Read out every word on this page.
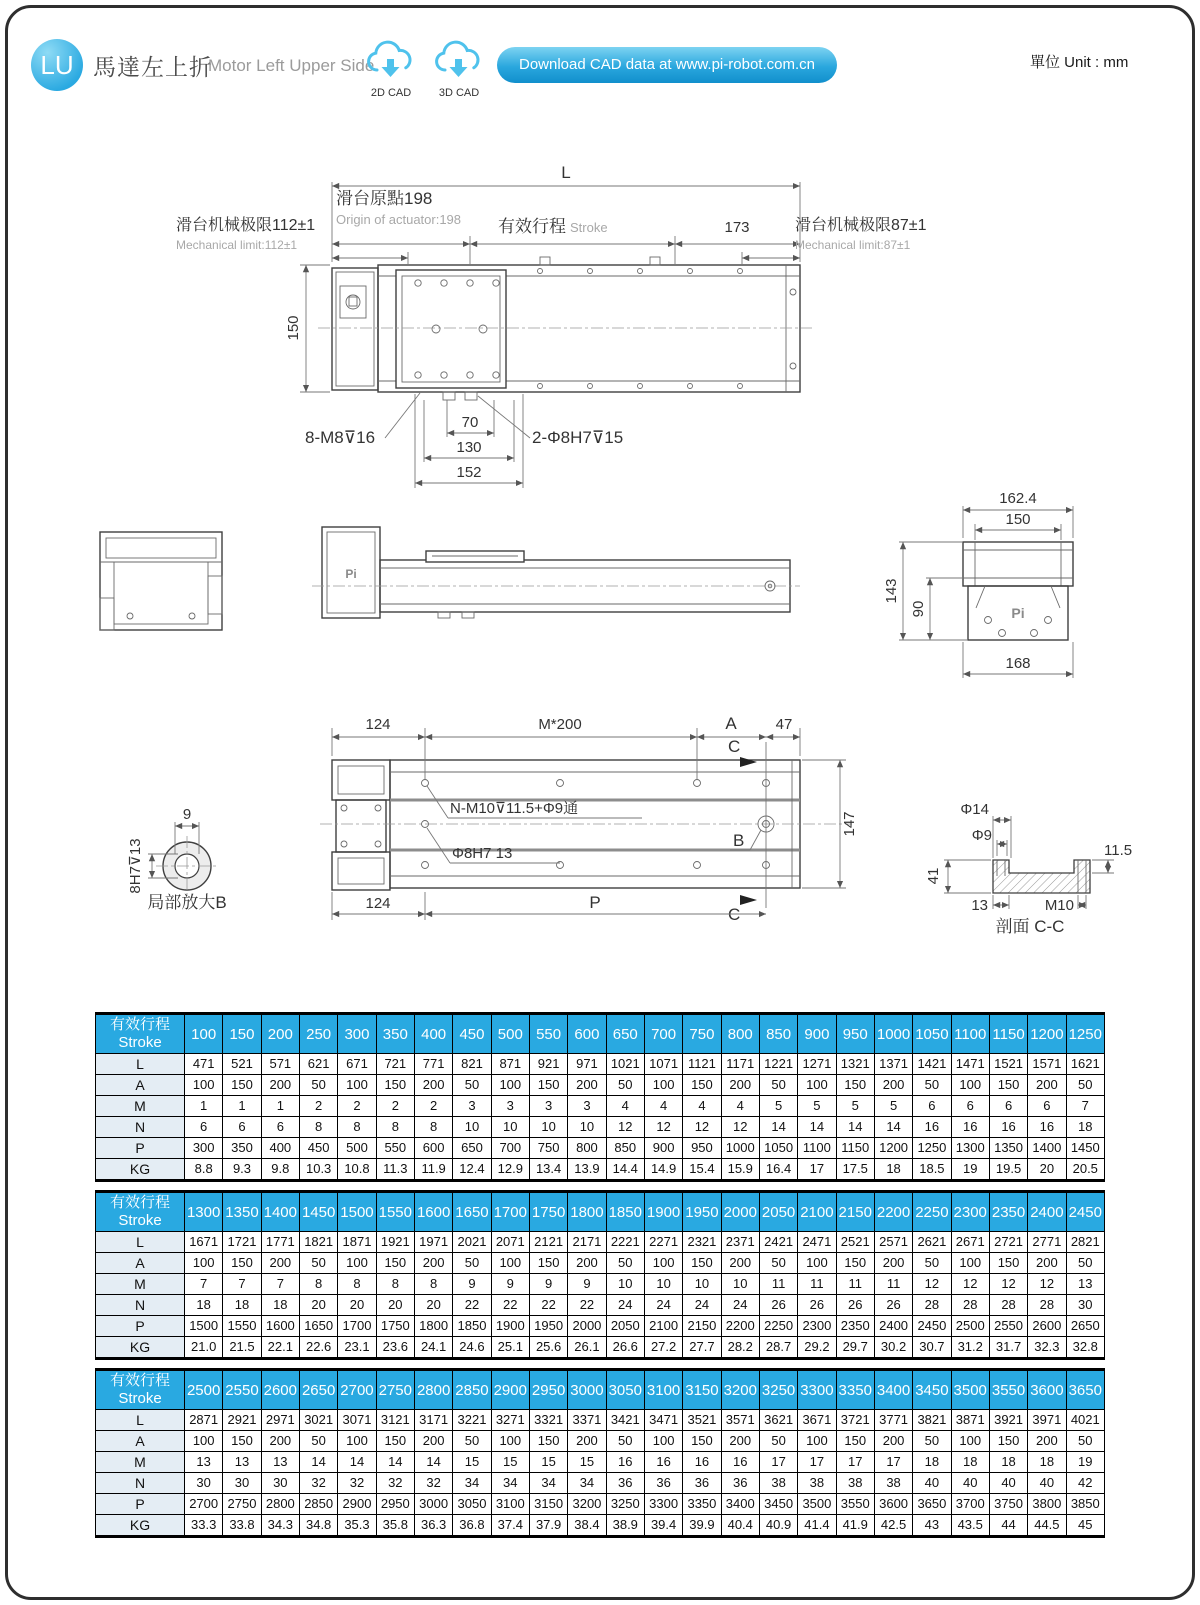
LU 馬達左上折
Motor Left Upper Side
2D CAD	3D CAD
Download CAD data at www.pi-robot.com.cn	單位 Unit : mm
L
滑台原點198
Origin of actuator:198 有效行程 Stroke	173
滑台机械极限112±1
Mechanical limit:112±1
滑台机械极限87±1
Mechanical limit:87±1
150
70
130
152
8-M8⊽16	2-Φ8H7⊽15
Pi
Pi
162.4
150
143
90
168
C
C
124	M*200	A	47
147
124	P
N-M10⊽11.5+Φ9通
Φ8H7 13
B
9
8H7⊽13
局部放大B
Φ14
Φ9
11.5
41
13	M10
剖面 C-C
有效行程
Stroke	100	150	200	250	300	350	400	450	500	550	600	650	700	750	800	850	900	950	1000	1050	1100	1150	1200	1250
L	471	521	571	621	671	721	771	821	871	921	971	1021	1071	1121	1171	1221	1271	1321	1371	1421	1471	1521	1571	1621
A	100	150	200	50	100	150	200	50	100	150	200	50	100	150	200	50	100	150	200	50	100	150	200	50
M	1	1	1	2	2	2	2	3	3	3	3	4	4	4	4	5	5	5	5	6	6	6	6	7
N	6	6	6	8	8	8	8	10	10	10	10	12	12	12	12	14	14	14	14	16	16	16	16	18
P	300	350	400	450	500	550	600	650	700	750	800	850	900	950	1000	1050	1100	1150	1200	1250	1300	1350	1400	1450
KG	8.8	9.3	9.8	10.3	10.8	11.3	11.9	12.4	12.9	13.4	13.9	14.4	14.9	15.4	15.9	16.4	17	17.5	18	18.5	19	19.5	20	20.5
有效行程
Stroke	1300	1350	1400	1450	1500	1550	1600	1650	1700	1750	1800	1850	1900	1950	2000	2050	2100	2150	2200	2250	2300	2350	2400	2450
L	1671	1721	1771	1821	1871	1921	1971	2021	2071	2121	2171	2221	2271	2321	2371	2421	2471	2521	2571	2621	2671	2721	2771	2821
A	100	150	200	50	100	150	200	50	100	150	200	50	100	150	200	50	100	150	200	50	100	150	200	50
M	7	7	7	8	8	8	8	9	9	9	9	10	10	10	10	11	11	11	11	12	12	12	12	13
N	18	18	18	20	20	20	20	22	22	22	22	24	24	24	24	26	26	26	26	28	28	28	28	30
P	1500	1550	1600	1650	1700	1750	1800	1850	1900	1950	2000	2050	2100	2150	2200	2250	2300	2350	2400	2450	2500	2550	2600	2650
KG	21.0	21.5	22.1	22.6	23.1	23.6	24.1	24.6	25.1	25.6	26.1	26.6	27.2	27.7	28.2	28.7	29.2	29.7	30.2	30.7	31.2	31.7	32.3	32.8
有效行程
Stroke	2500	2550	2600	2650	2700	2750	2800	2850	2900	2950	3000	3050	3100	3150	3200	3250	3300	3350	3400	3450	3500	3550	3600	3650
L	2871	2921	2971	3021	3071	3121	3171	3221	3271	3321	3371	3421	3471	3521	3571	3621	3671	3721	3771	3821	3871	3921	3971	4021
A	100	150	200	50	100	150	200	50	100	150	200	50	100	150	200	50	100	150	200	50	100	150	200	50
M	13	13	13	14	14	14	14	15	15	15	15	16	16	16	16	17	17	17	17	18	18	18	18	19
N	30	30	30	32	32	32	32	34	34	34	34	36	36	36	36	38	38	38	38	40	40	40	40	42
P	2700	2750	2800	2850	2900	2950	3000	3050	3100	3150	3200	3250	3300	3350	3400	3450	3500	3550	3600	3650	3700	3750	3800	3850
KG	33.3	33.8	34.3	34.8	35.3	35.8	36.3	36.8	37.4	37.9	38.4	38.9	39.4	39.9	40.4	40.9	41.4	41.9	42.5	43	43.5	44	44.5	45
